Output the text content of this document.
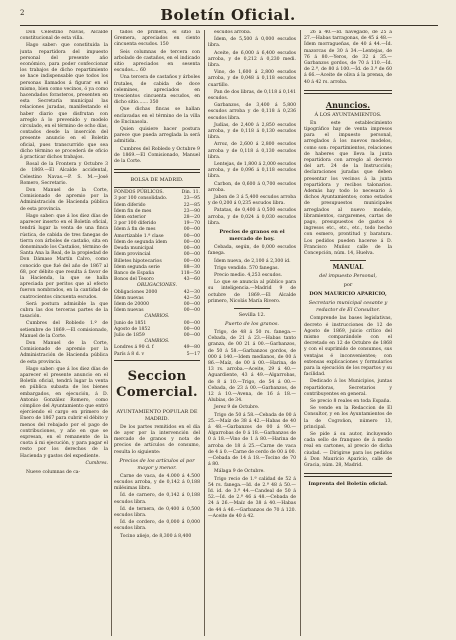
2	Boletín Oficial.

Don Celestino Navas, Alcalde constitucional de esta villa.

Hago saber: que constituida la junta repartidora del impuesto personal del presente año económico, para poder confeccionar los trabajos de dicho repartimiento se hace indispensable que todos los personas llamados á figurar en el mismo, bien como vecinos, ó ya como hacendados forasteros, presenten en esta Secretaría municipal las relaciones juradas, manifestando el haber diario que disfrutan con arreglo á lo prevenido y modelo circulado, en el término de ocho días, contados desde la inserción del presente anuncio en el Boletín oficial, pues transcurrido que sea dicho término se procederá de oficio á practicar dichos trabajos.

Rosal de la Frontera y Octubre 3 de 1869.—El Alcalde accidental, Celestino Navas.—P. S. M.—José Romero, Secretario.

Don Manuel de la Corte, Comisionado de apremio por la Administración de Hacienda pública de esta provincia.

Hago saber: que á los diez días de aparecer inserto en el Boletín oficial, tendrá lugar la venta de una finca rústica, de cabida de tres fanegas de tierra con árboles de castaño, sita en donominado los Castaños, término de Santa Ana la Real, de la propiedad de Don Dámaso Martín Calvo, como conocido que fué del año de 1867 al 68, por débito que resulta á favor de la Hacienda, la que se halla apreciada por peritos que al efecto fueron nombrados, en la cantidad de cuatrocientos cincuenta escudos.

Será postura admisible la que cubra las dos terceras partes de la tasación.

Cumbres del Robledo 1.º de setiembre de 1869.—El comisionado, Manuel de la Corte.

Don Manuel de la Corte, Comisionado de apremio por la Administración de Hacienda pública de esta provincia.

Hago saber: que á los diez días de aparecer el presente anuncio en el Boletín oficial, tendrá lugar la venta en pública subasta de los bienes embargados, en ejecución, á D. Antonio González Romero, como cómplice del Ayuntamiento que entró ejerciendo el cargo en primero de Enero de 1867 para cubrir el débito y menos del rebajado por el pago de contribuciones, y año en que se expresan, en el remanente de la cuota á mi ejecución, y para pagar el resto por los derechos de la Hacienda y gastos del expediente.

Cumbres.

Nueve columnas de ca-

tados de primera, el sitio la Gremera, apreciados en ciento cincuenta escudos. 150

Seis columnas de tercera con arbolado de castaños, en el indicado sitio apreciados en sesenta escudos.... 60

Una tercera de castaños y árboles frutales, de cabida de doce celemines, apreciados en trescientos cincuenta escudos, en dicho sitio....... 350

Que dichas fincas se hallan enclavadas en el término de la villa de Encinasola.

Quien quisiere hacer postura parece que pueda arreglada la será admitida.

Cumbres del Robledo y Octubre 9 de 1869.—El Comisionado, Manuel de la Corte.

BOLSA DE MADRID.
FONDOS PÚBLICOS.	Din. 11.
3 por 100 consolidado.	23—95
Ídem diferido	22—85
Ídem fin de mes	23—90
Ídem exterior	28—20
3 por 100 diferido	19—70
Ídem á fin de mes	00—00
Amortizable 1.ª clase	00—00
Ídem de segunda ídem	00—00
Deuda municipal	00—00
Ídem provincial	00—00
Billetes hipotecarios	00—00
Ídem segunda serie	88—30
Banco de España	118—50
Bonos del Tesoro	43—60
OBLIGACIONES.
Obligaciones 2000	42—30
Ídem nuevas	42—50
Ídem de 20000	00—00
Ídem nuevas	00—00
CAMBIOS.
Junio de 1851	00—00
Agosto de 1852	00—00
Julio de 1859	00—00
CAMBIOS.
Londres á 90 d. f	49—80
París á 8 d. v	5—17
Seccion Comercial.
AYUNTAMIENTO POPULAR DE MADRID.

De los partes remitidos en el día de ayer por la intervención del mercado de granos y nota de precios de artículos de consumo, resulta lo siguiente:

Precios de los artículos al por mayor y menor.

Carne de vaca, de 4.000 á 4.500 escudos arroba, y de 0,142 á 0,188 milésimas libra.

Íd. de carnero, de 0,142 á 0,188 escudos libra.

Íd. de ternera, de 0,400 á 0,500 escudos libra.

Íd. de cordero, de 0,000 á 0,000 escudos libra.

Tocino añejo, de 8,300 á 8,400

escudos arroba.

Ídem, de 5,500 á 0,000 escudos libra.

Aceite, de 6,000 á 6,400 escudos arroba, y de 0,212 á 0,230 medi. libra.

Vino, de 1,600 á 2,800 escudos arroba, y de 0,048 á 0,118 escudos cuartillo.

Pan de dos libras, de 0,118 á 0,141 escudos.

Garbanzos, de 3,400 á 5,800 escudos arroba y de 0,118 á 0,236 escudos libra.

Judías, de 2,400 á 2,850 escudos arroba, y de 0,118 á 0,130 escudos libra.

Arroz, de 2,600 á 2,800 escudos arroba y de 0,118 á 0,130 escudos libra.

Lentejas, de 1,800 á 2,000 escudos arroba, y de 0,096 á 0,118 escudos libra.

Carbon, de 0,600 á 0,700 escudos arroba.

Jabon de 3 á 5,400 escudos arroba y de 0,200 á 0,235 escudos libra.

Patatas, de 0,400 á 0,500 escudos arroba, y de 0,024 á 0,030 escudos libra.

Precios de granos en el mercado de hoy.

Cebada, según, de 0,000 escudos fanega.

Ídem nueva, de 2,100 á 2,300 íd.

Trigo vendido. 570 fanegas.

Precio medio. 4,253 escudos.

Lo que se anuncia al público para su inteligencia.—Madrid 9 de octubre de 1869.—El Alcalde primero, Nicolás María Rivero.

Sevilla 12.
Puerto de los granos.

Trigo, de 48 á 50 rs. fanega.—Cebada, de 21 á 23.—Habas tanto granza, de 00 21 á 00.—Garbanzos, de 50 á 58.—Garbanzos gordos, de 000 á 140.—Idem medianos, de 00 á 86.—Maíz, de 00 á 00.—Harina, de 13 rs. arroba.—Aceite, 29 á 40.—Aguardiente, 43 á 49.—Algarrobas, de 8 á 10.—Trigo, de 54 á 00.—Cebada, de 23 á 00.—Garbanzos, de 12 á 10.—Avena, de 16 á 18.—Alubias, de 34.

Jerez 9 de Octubre.

Trigo de 50 á 58.—Cebada de 00 á 25.—Maíz de 38 á 42.—Habas de 40 á 48.—Garbanzos de 00 á 90.—Algarrobas de 0 á 18.—Garbanzos de 0 á 18.—Vino de 1 á 80.—Harina de arroba de 18 á 25.—Carne de vaca de 4 á 0.—Carne de cerdo de 00 á 00.—Cebada de 14 á 18.—Tocino de 70 á 80.

Málaga 9 de Octubre.

Trigo recio de 1.ª calidad de 52 á 54 rs. fanega.—Id. de 2.ª 48 á 50.—Íd. id. de 3.ª 44.—Candeal de 50 á 52.—Íd. de 2.ª 46 á 48.—Cebada de 24 á 26.—Maíz de 38 á 40.—Habas de 44 á 46.—Garbanzos de 70 á 120.—Aceite de 40 á 42.

26 á 40.—Íd. navegado, de 25 á 27.—Habas tarragonas, de 45 á 48.—Ídem morragueñas, de 40 á 44.—Íd. mazorcas de 30 á 34.—Lentejas, de 76 á 80.—Yeros, de 32 á 35.—Garbanzos gordos, de 70 á 110.—Íd. de 2.ª, de 80 á 100.—Íd. de 3.ª de 60 á 66.—Aceite de oliva á la prensa, de 40 á 42 rs. arroba.

Anuncios.
Á LOS AYUNTAMIENTOS.

En este establecimiento tipográfico hay de venta impresos para el impuesto personal, arreglados á los nuevos modelos, como son: repartimientos, relaciones de haberes que lleva la junta repartidora con arreglo al decreto del art. 24 de la Instrucción; declaraciones juradas que deben presentar los vecinos á la junta repartidora y recibos talonarios. Además hay todo lo necesario á dichos Ayuntamientos; como estados de presupuestos municipales arreglados al nuevo modelo, libramientos, cargaremes, cartas de pago, presupuestos de gastos é ingresos etc., etc., etc., todo hecho con esmero, prontitud y baratura. Los pedidos pueden hacerse á D. Francisco Muñoz calle de la Concepción, núm. 14, Huelva.

MANUAL
del impuesto Personal,
por
DON MAURICIO APARICIO,
Secretario municipal cesante y redactor de El Consultor.

Comprende las bases legislativas, decreto é instrucciones de 12 de Agosto de 1869, juicio crítico del mismo comparándole con el decretado en 12 de Octubre de 1868 y con el suprimido de consumos, sus ventajas é inconvenientes; con extensas explicaciones y formularios para la ejecución de los repartos y su facilidad.

Dedicado á los Municipios, juntas repartidoras, Secretarios y contribuyentes en general.

Se precio 8 reales en toda España.

Se vende en la Redaccion de El Consultor, y en los Ayuntamientos de la de Cogroñon, número 13, principal.

Se pide á su autor, incluyendo cada sello de franqueo de á medio real en cartones, al precio de dicha ciudad. — Dirigirse para los pedidos á Don Mauricio Aparicio, calle de Gracia, núm. 28, Madrid.

Imprenta del Boletín oficial.
